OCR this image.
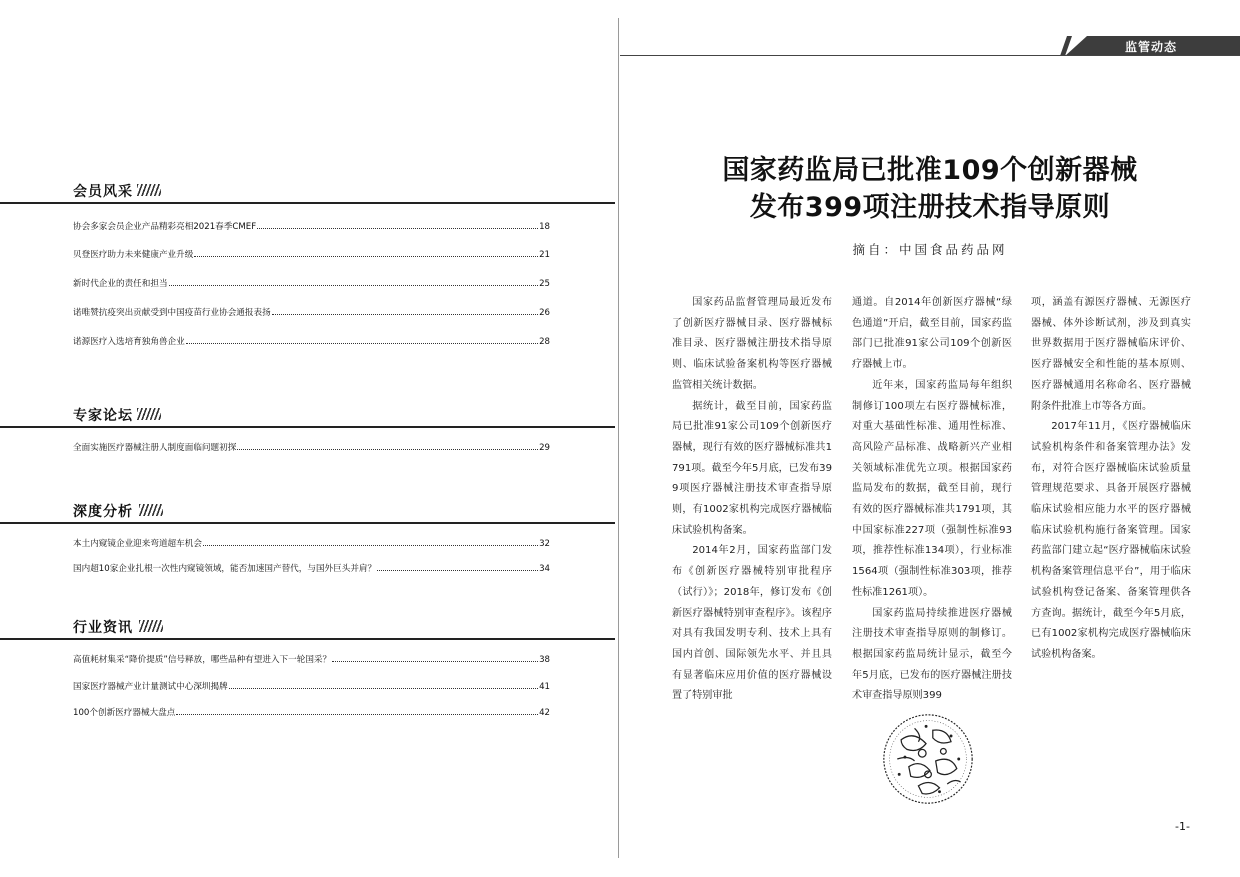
会员风采
协会多家会员企业产品精彩亮相2021春季CMEF	18
贝登医疗助力未来健康产业升级	21
新时代企业的责任和担当	25
诺唯赞抗疫突出贡献受到中国疫苗行业协会通报表扬	26
诺源医疗入选培育独角兽企业	28
专家论坛
全面实施医疗器械注册人制度面临问题初探	29
深度分析
本土内窥镜企业迎来弯道超车机会	32
国内超10家企业扎根一次性内窥镜领域，能否加速国产替代，与国外巨头并肩？	34
行业资讯
高值耗材集采“降价提质”信号释放，哪些品种有望进入下一轮国采？	38
国家医疗器械产业计量测试中心深圳揭牌	41
100个创新医疗器械大盘点	42
监管动态
国家药监局已批准109个创新器械
发布399项注册技术指导原则
摘自：中国食品药品网

国家药品监督管理局最近发布了创新医疗器械目录、医疗器械标准目录、医疗器械注册技术指导原则、临床试验备案机构等医疗器械监管相关统计数据。

据统计，截至目前，国家药监局已批准91家公司109个创新医疗器械，现行有效的医疗器械标准共1791项。截至今年5月底，已发布399项医疗器械注册技术审查指导原则，有1002家机构完成医疗器械临床试验机构备案。

2014年2月，国家药监部门发布《创新医疗器械特别审批程序（试行）》；2018年，修订发布《创新医疗器械特别审查程序》。该程序对具有我国发明专利、技术上具有国内首创、国际领先水平、并且具有显著临床应用价值的医疗器械设置了特别审批

通道。自2014年创新医疗器械“绿色通道”开启，截至目前，国家药监部门已批准91家公司109个创新医疗器械上市。

近年来，国家药监局每年组织制修订100项左右医疗器械标准，对重大基础性标准、通用性标准、高风险产品标准、战略新兴产业相关领域标准优先立项。根据国家药监局发布的数据，截至目前，现行有效的医疗器械标准共1791项，其中国家标准227项（强制性标准93项，推荐性标准134项），行业标准1564项（强制性标准303项，推荐性标准1261项）。

国家药监局持续推进医疗器械注册技术审查指导原则的制修订。根据国家药监局统计显示，截至今年5月底，已发布的医疗器械注册技术审查指导原则399

项，涵盖有源医疗器械、无源医疗器械、体外诊断试剂，涉及到真实世界数据用于医疗器械临床评价、医疗器械安全和性能的基本原则、医疗器械通用名称命名、医疗器械附条件批准上市等各方面。

2017年11月，《医疗器械临床试验机构条件和备案管理办法》发布，对符合医疗器械临床试验质量管理规范要求、具备开展医疗器械临床试验相应能力水平的医疗器械临床试验机构施行备案管理。国家药监部门建立起“医疗器械临床试验机构备案管理信息平台”，用于临床试验机构登记备案、备案管理供各方查询。据统计，截至今年5月底，已有1002家机构完成医疗器械临床试验机构备案。

-1-
